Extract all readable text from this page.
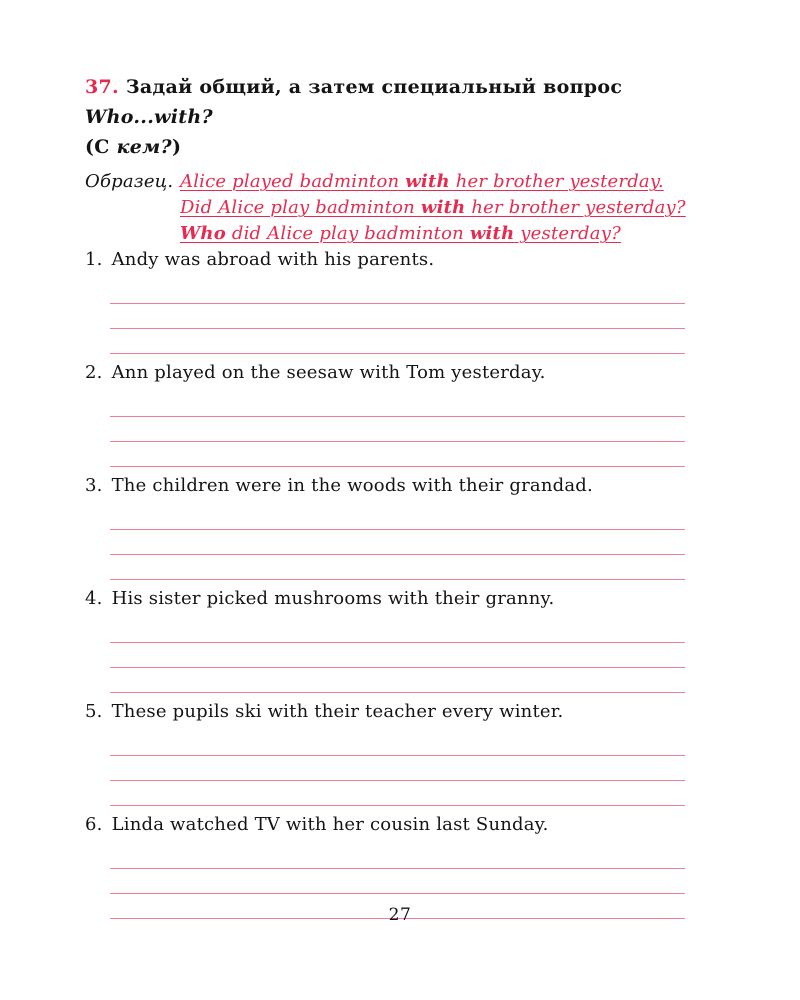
37. Задай общий, а затем специальный вопрос Who...with?
(С кем?)
Образец. Alice played badminton with her brother yesterday.
Did Alice play badminton with her brother yesterday?
Who did Alice play badminton with yesterday?
1. Andy was abroad with his parents.
2. Ann played on the seesaw with Tom yesterday.
3. The children were in the woods with their grandad.
4. His sister picked mushrooms with their granny.
5. These pupils ski with their teacher every winter.
6. Linda watched TV with her cousin last Sunday.
27
